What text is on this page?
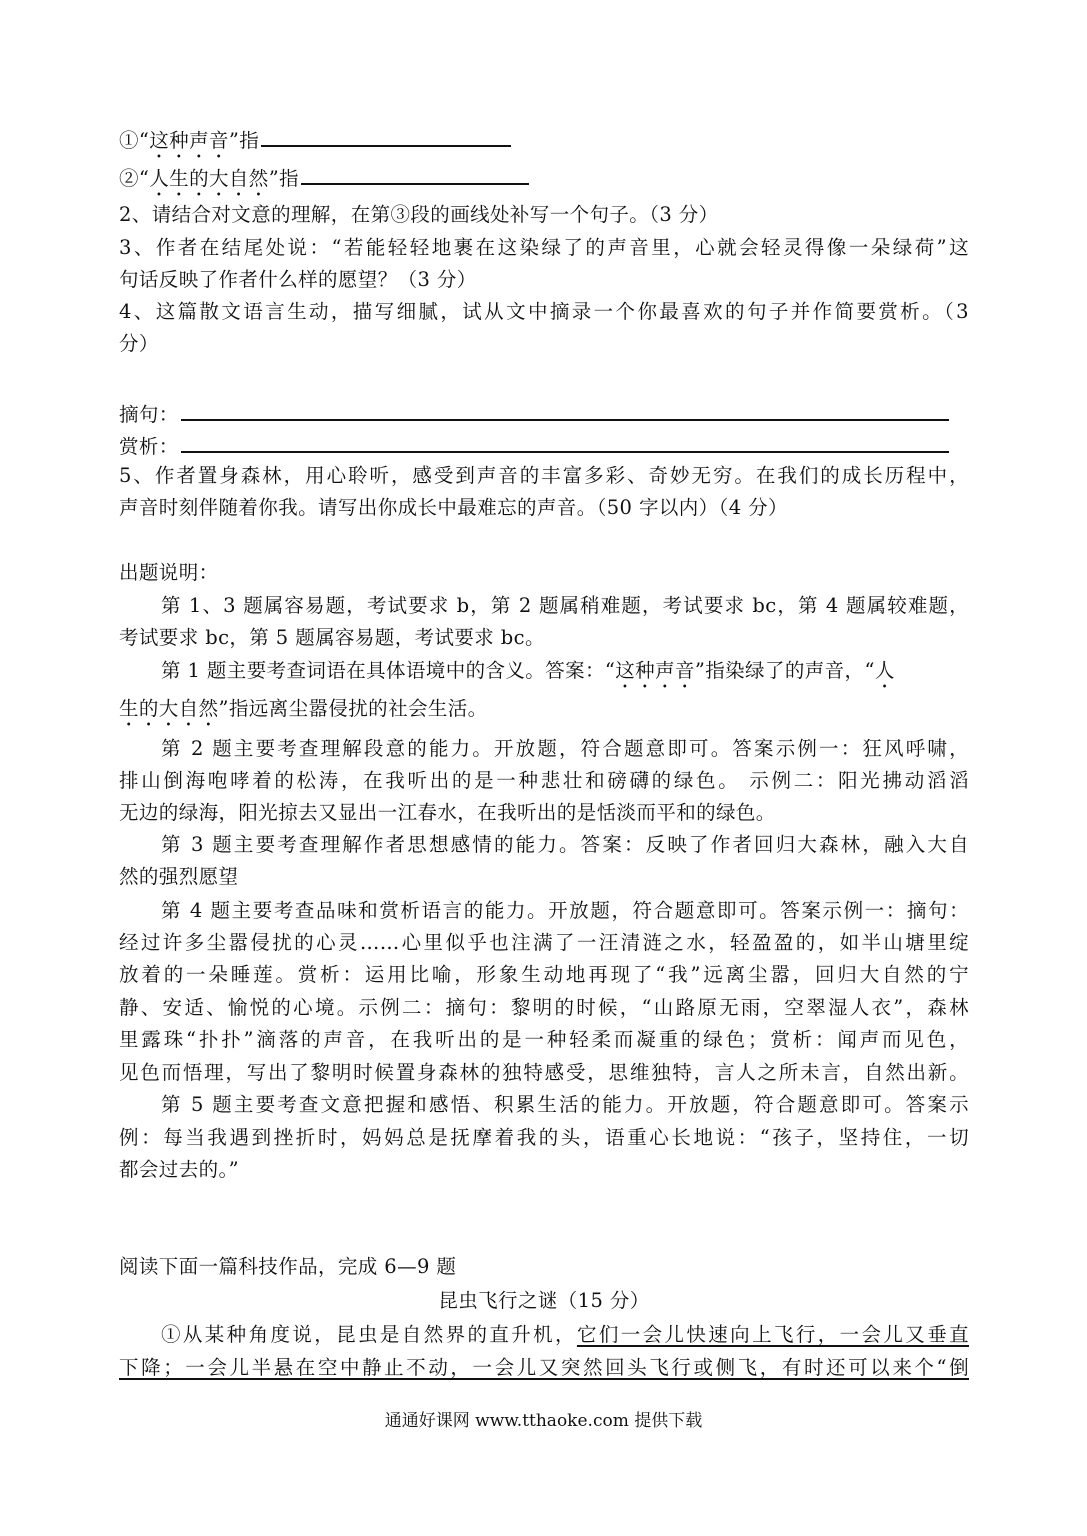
①“这种声音”指
②“人生的大自然”指
2、请结合对文意的理解，在第③段的画线处补写一个句子。（3 分）
3、作者在结尾处说：“若能轻轻地裹在这染绿了的声音里，心就会轻灵得像一朵绿荷”这
句话反映了作者什么样的愿望？（3 分）
4、这篇散文语言生动，描写细腻，试从文中摘录一个你最喜欢的句子并作简要赏析。（3
分）
摘句：
赏析：
5、作者置身森林，用心聆听，感受到声音的丰富多彩、奇妙无穷。在我们的成长历程中，
声音时刻伴随着你我。请写出你成长中最难忘的声音。（50 字以内）（4 分）
出题说明：
第 1、3 题属容易题，考试要求 b，第 2 题属稍难题，考试要求 bc，第 4 题属较难题，
考试要求 bc，第 5 题属容易题，考试要求 bc。
第 1 题主要考查词语在具体语境中的含义。答案：“这种声音”指染绿了的声音，“人
生的大自然”指远离尘嚣侵扰的社会生活。
第 2 题主要考查理解段意的能力。开放题，符合题意即可。答案示例一：狂风呼啸，
排山倒海咆哮着的松涛，在我听出的是一种悲壮和磅礴的绿色。 示例二：阳光拂动滔滔
无边的绿海，阳光掠去又显出一江春水，在我听出的是恬淡而平和的绿色。
第 3 题主要考查理解作者思想感情的能力。答案：反映了作者回归大森林，融入大自
然的强烈愿望
第 4 题主要考查品味和赏析语言的能力。开放题，符合题意即可。答案示例一：摘句：
经过许多尘嚣侵扰的心灵……心里似乎也注满了一汪清涟之水，轻盈盈的，如半山塘里绽
放着的一朵睡莲。赏析：运用比喻，形象生动地再现了“我”远离尘嚣，回归大自然的宁
静、安适、愉悦的心境。示例二：摘句：黎明的时候，“山路原无雨，空翠湿人衣”，森林
里露珠“扑扑”滴落的声音，在我听出的是一种轻柔而凝重的绿色；赏析：闻声而见色，
见色而悟理，写出了黎明时候置身森林的独特感受，思维独特，言人之所未言，自然出新。
第 5 题主要考查文意把握和感悟、积累生活的能力。开放题，符合题意即可。答案示
例：每当我遇到挫折时，妈妈总是抚摩着我的头，语重心长地说：“孩子，坚持住，一切
都会过去的。”
阅读下面一篇科技作品，完成 6—9 题
昆虫飞行之谜（15 分）
①从某种角度说，昆虫是自然界的直升机，它们一会儿快速向上飞行，一会儿又垂直
下降；一会儿半悬在空中静止不动，一会儿又突然回头飞行或侧飞，有时还可以来个“倒
通通好课网 www.tthaoke.com 提供下载
